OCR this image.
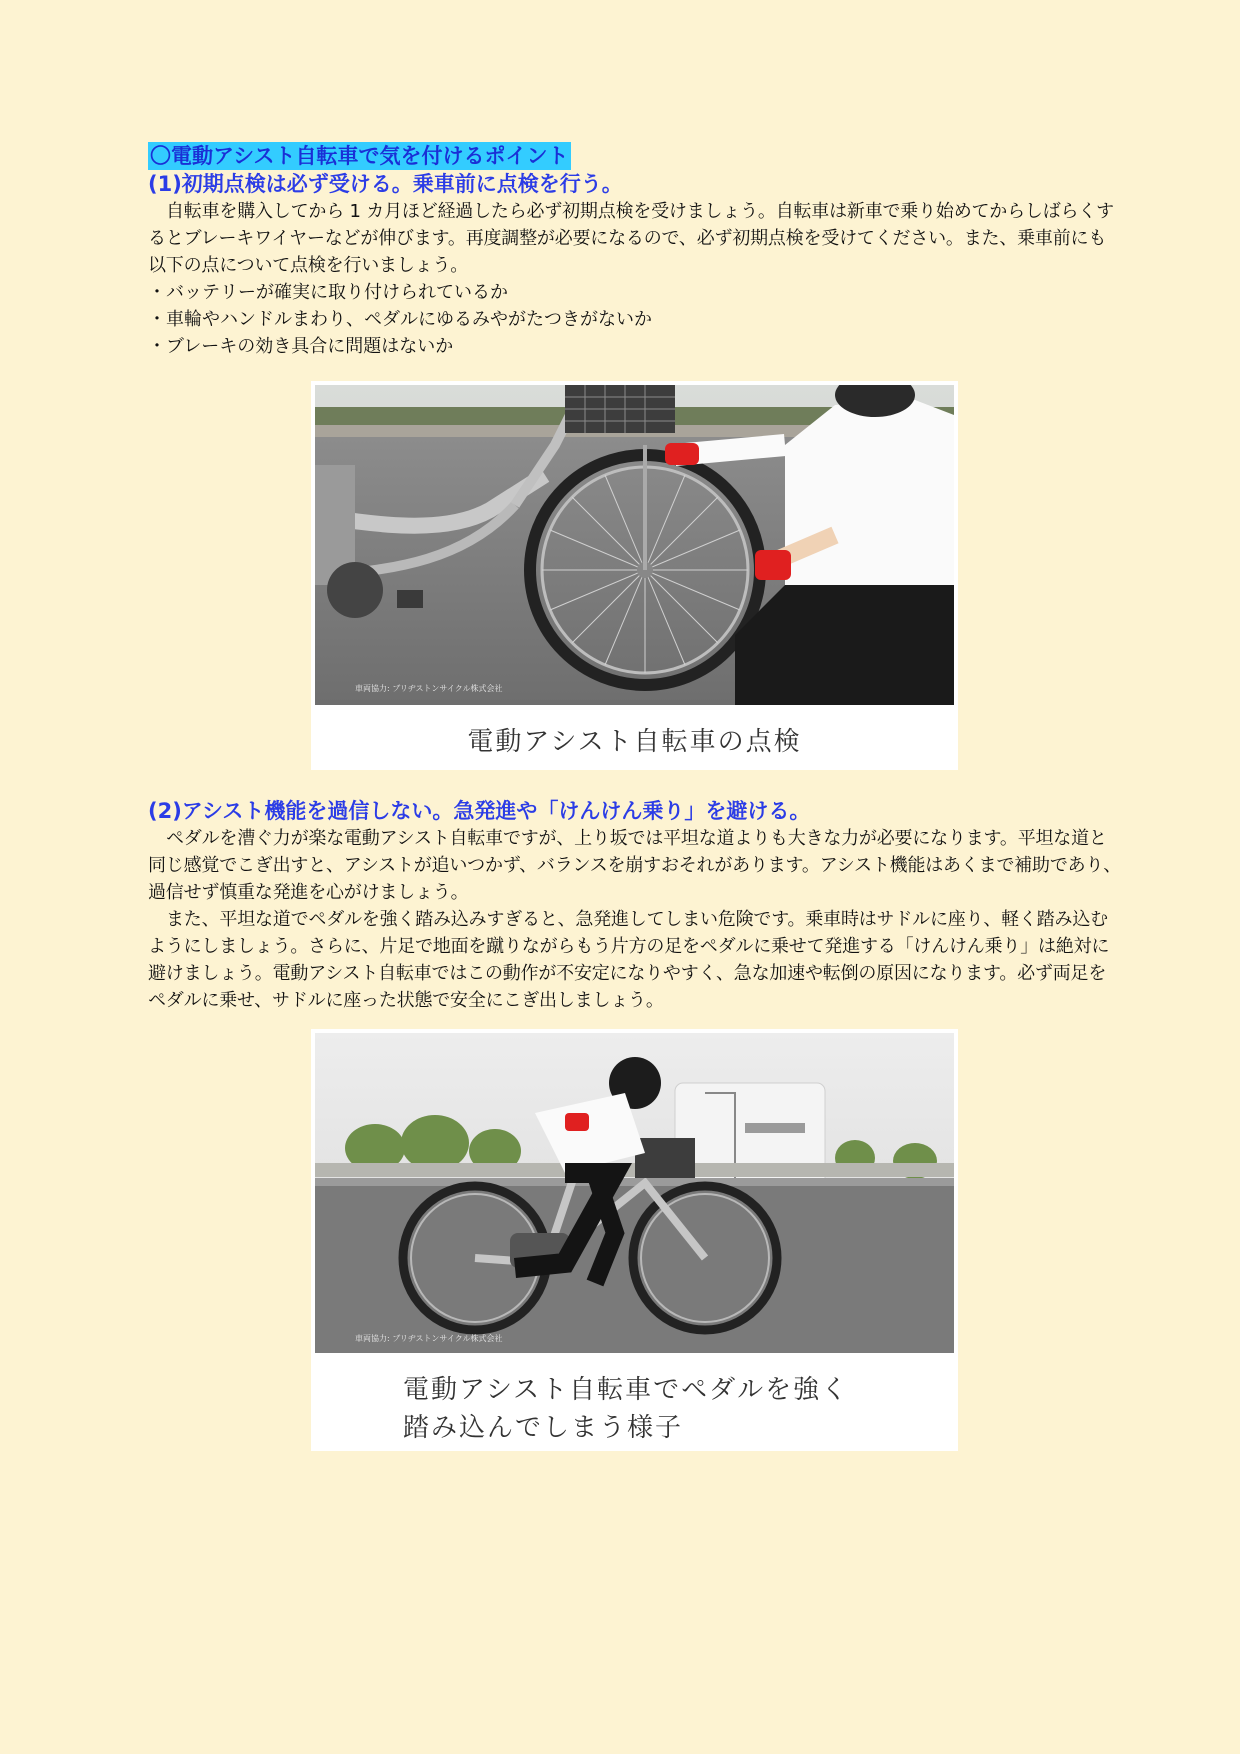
〇電動アシスト自転車で気を付けるポイント
(1)初期点検は必ず受ける。乗車前に点検を行う。

自転車を購入してから 1 カ月ほど経過したら必ず初期点検を受けましょう。自転車は新車で乗り始めてからしばらくするとブレーキワイヤーなどが伸びます。再度調整が必要になるので、必ず初期点検を受けてください。また、乗車前にも以下の点について点検を行いましょう。

・バッテリーが確実に取り付けられているか

・車輪やハンドルまわり、ペダルにゆるみやがたつきがないか

・ブレーキの効き具合に問題はないか

車両協力: ブリヂストンサイクル株式会社
電動アシスト自転車の点検
(2)アシスト機能を過信しない。急発進や「けんけん乗り」を避ける。

ペダルを漕ぐ力が楽な電動アシスト自転車ですが、上り坂では平坦な道よりも大きな力が必要になります。平坦な道と同じ感覚でこぎ出すと、アシストが追いつかず、バランスを崩すおそれがあります。アシスト機能はあくまで補助であり、過信せず慎重な発進を心がけましょう。

また、平坦な道でペダルを強く踏み込みすぎると、急発進してしまい危険です。乗車時はサドルに座り、軽く踏み込むようにしましょう。さらに、片足で地面を蹴りながらもう片方の足をペダルに乗せて発進する「けんけん乗り」は絶対に避けましょう。電動アシスト自転車ではこの動作が不安定になりやすく、急な加速や転倒の原因になります。必ず両足をペダルに乗せ、サドルに座った状態で安全にこぎ出しましょう。

車両協力: ブリヂストンサイクル株式会社
電動アシスト自転車でペダルを強く
踏み込んでしまう様子
